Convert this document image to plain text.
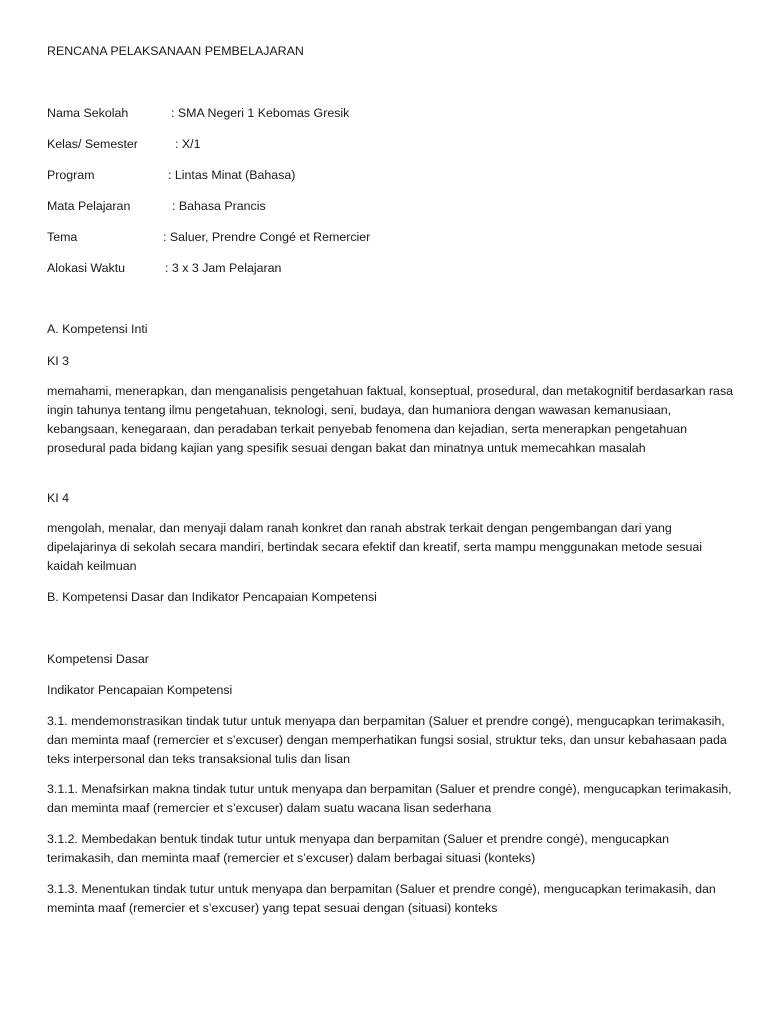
RENCANA PELAKSANAAN PEMBELAJARAN
Nama Sekolah	: SMA Negeri 1 Kebomas Gresik
Kelas/ Semester	: X/1
Program	: Lintas Minat (Bahasa)
Mata Pelajaran	: Bahasa Prancis
Tema	: Saluer, Prendre Congé et Remercier
Alokasi Waktu	: 3 x 3 Jam Pelajaran
A. Kompetensi Inti
KI 3
memahami, menerapkan, dan menganalisis pengetahuan faktual, konseptual, prosedural, dan metakognitif berdasarkan rasa ingin tahunya tentang ilmu pengetahuan, teknologi, seni, budaya, dan humaniora dengan wawasan kemanusiaan, kebangsaan, kenegaraan, dan peradaban terkait penyebab fenomena dan kejadian, serta menerapkan pengetahuan prosedural pada bidang kajian yang spesifik sesuai dengan bakat dan minatnya untuk memecahkan masalah
KI 4
mengolah, menalar, dan menyaji dalam ranah konkret dan ranah abstrak terkait dengan pengembangan dari yang dipelajarinya di sekolah secara mandiri, bertindak secara efektif dan kreatif, serta mampu menggunakan metode sesuai kaidah keilmuan
B. Kompetensi Dasar dan Indikator Pencapaian Kompetensi
Kompetensi Dasar
Indikator Pencapaian Kompetensi
3.1. mendemonstrasikan tindak tutur untuk menyapa dan berpamitan (Saluer et prendre congė), mengucapkan terimakasih, dan meminta maaf (remercier et s’excuser) dengan memperhatikan fungsi sosial, struktur teks, dan unsur kebahasaan pada teks interpersonal dan teks transaksional tulis dan lisan
3.1.1. Menafsirkan makna tindak tutur untuk menyapa dan berpamitan (Saluer et prendre congė), mengucapkan terimakasih, dan meminta maaf (remercier et s’excuser) dalam suatu wacana lisan sederhana
3.1.2. Membedakan bentuk tindak tutur untuk menyapa dan berpamitan (Saluer et prendre congė), mengucapkan terimakasih, dan meminta maaf (remercier et s’excuser) dalam berbagai situasi (konteks)
3.1.3. Menentukan tindak tutur untuk menyapa dan berpamitan (Saluer et prendre congė), mengucapkan terimakasih, dan meminta maaf (remercier et s’excuser) yang tepat sesuai dengan (situasi) konteks
